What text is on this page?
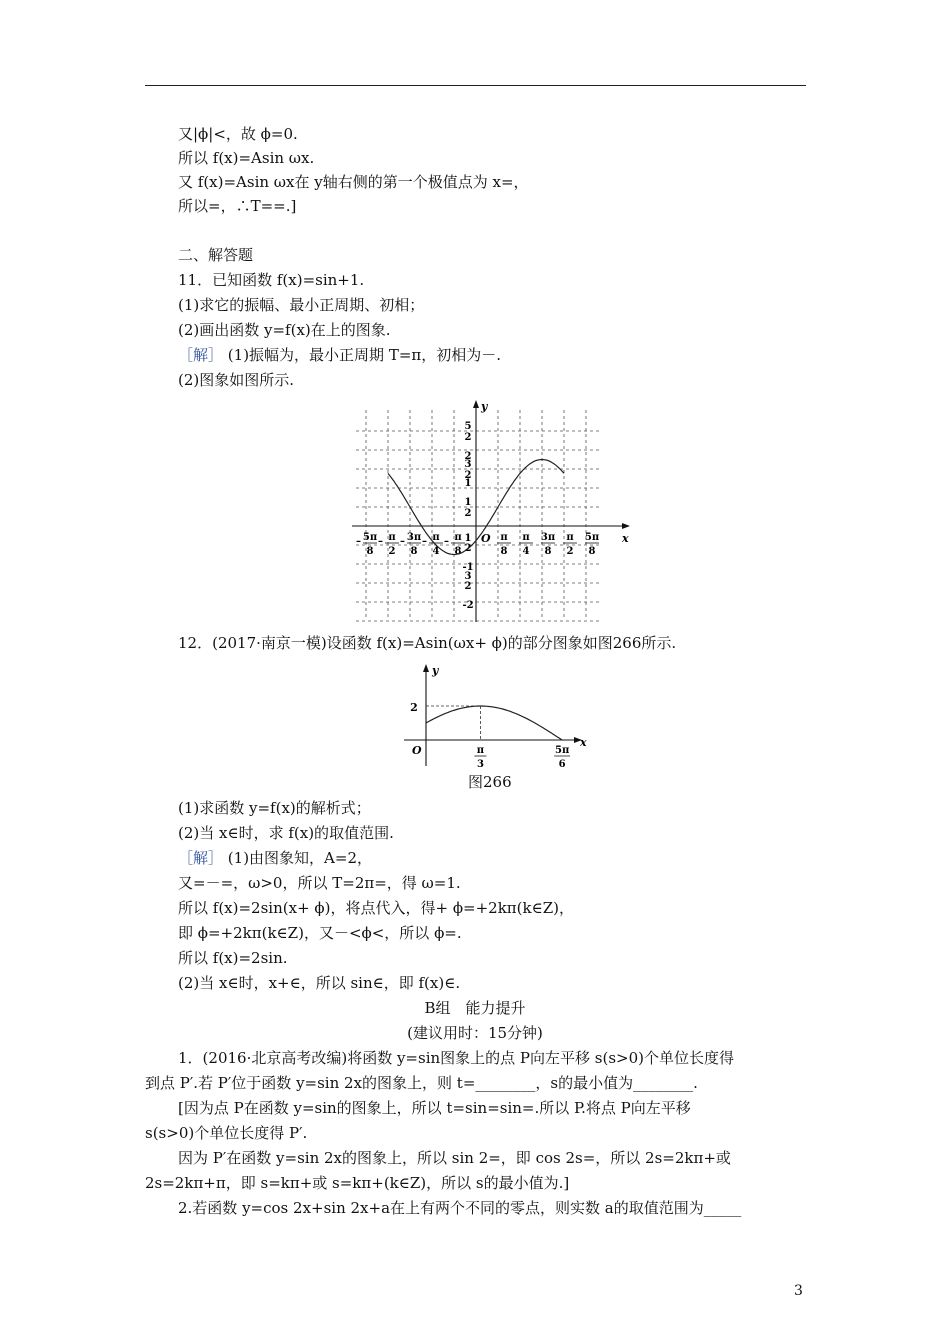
又|ϕ|<，故 ϕ=0.
所以 f(x)=Asin ωx.
又 f(x)=Asin ωx在 y轴右侧的第一个极值点为 x=，
所以=，∴T==.]
二、解答题
11．已知函数 f(x)=sin+1.
(1)求它的振幅、最小正周期、初相；
(2)画出函数 y=f(x)在上的图象.
［解］ (1)振幅为，最小正周期 T=π，初相为－.
(2)图象如图所示.
x
y
O
– 5π
8
– π
2
– 3π
8
– π
4
– π
8
π
8
π
4
3π
8
π
2
5π
8
5
2
2
3
2
1
1
2
1
2
-1
3
2
-2
12．(2017·南京一模)设函数 f(x)=Asin(ωx+ ϕ)的部分图象如图266所示.
x
y
O
2
π
3
5π
6
图266
(1)求函数 y=f(x)的解析式；
(2)当 x∈时，求 f(x)的取值范围.
［解］ (1)由图象知，A=2，
又=－=，ω>0，所以 T=2π=，得 ω=1.
所以 f(x)=2sin(x+ ϕ)，将点代入，得+ ϕ=+2kπ(k∈Z)，
即 ϕ=+2kπ(k∈Z)，又－<ϕ<，所以 ϕ=.
所以 f(x)=2sin.
(2)当 x∈时，x+∈，所以 sin∈，即 f(x)∈.
B组　能力提升
(建议用时：15分钟)
1．(2016·北京高考改编)将函数 y=sin图象上的点 P向左平移 s(s>0)个单位长度得
到点 P′.若 P′位于函数 y=sin 2x的图象上，则 t=________，s的最小值为________.
[因为点 P在函数 y=sin的图象上，所以 t=sin=sin=.所以 P.将点 P向左平移
s(s>0)个单位长度得 P′.
因为 P′在函数 y=sin 2x的图象上，所以 sin 2=，即 cos 2s=，所以 2s=2kπ+或
2s=2kπ+π，即 s=kπ+或 s=kπ+(k∈Z)，所以 s的最小值为.]
2.若函数 y=cos 2x+sin 2x+a在上有两个不同的零点，则实数 a的取值范围为_____
3
